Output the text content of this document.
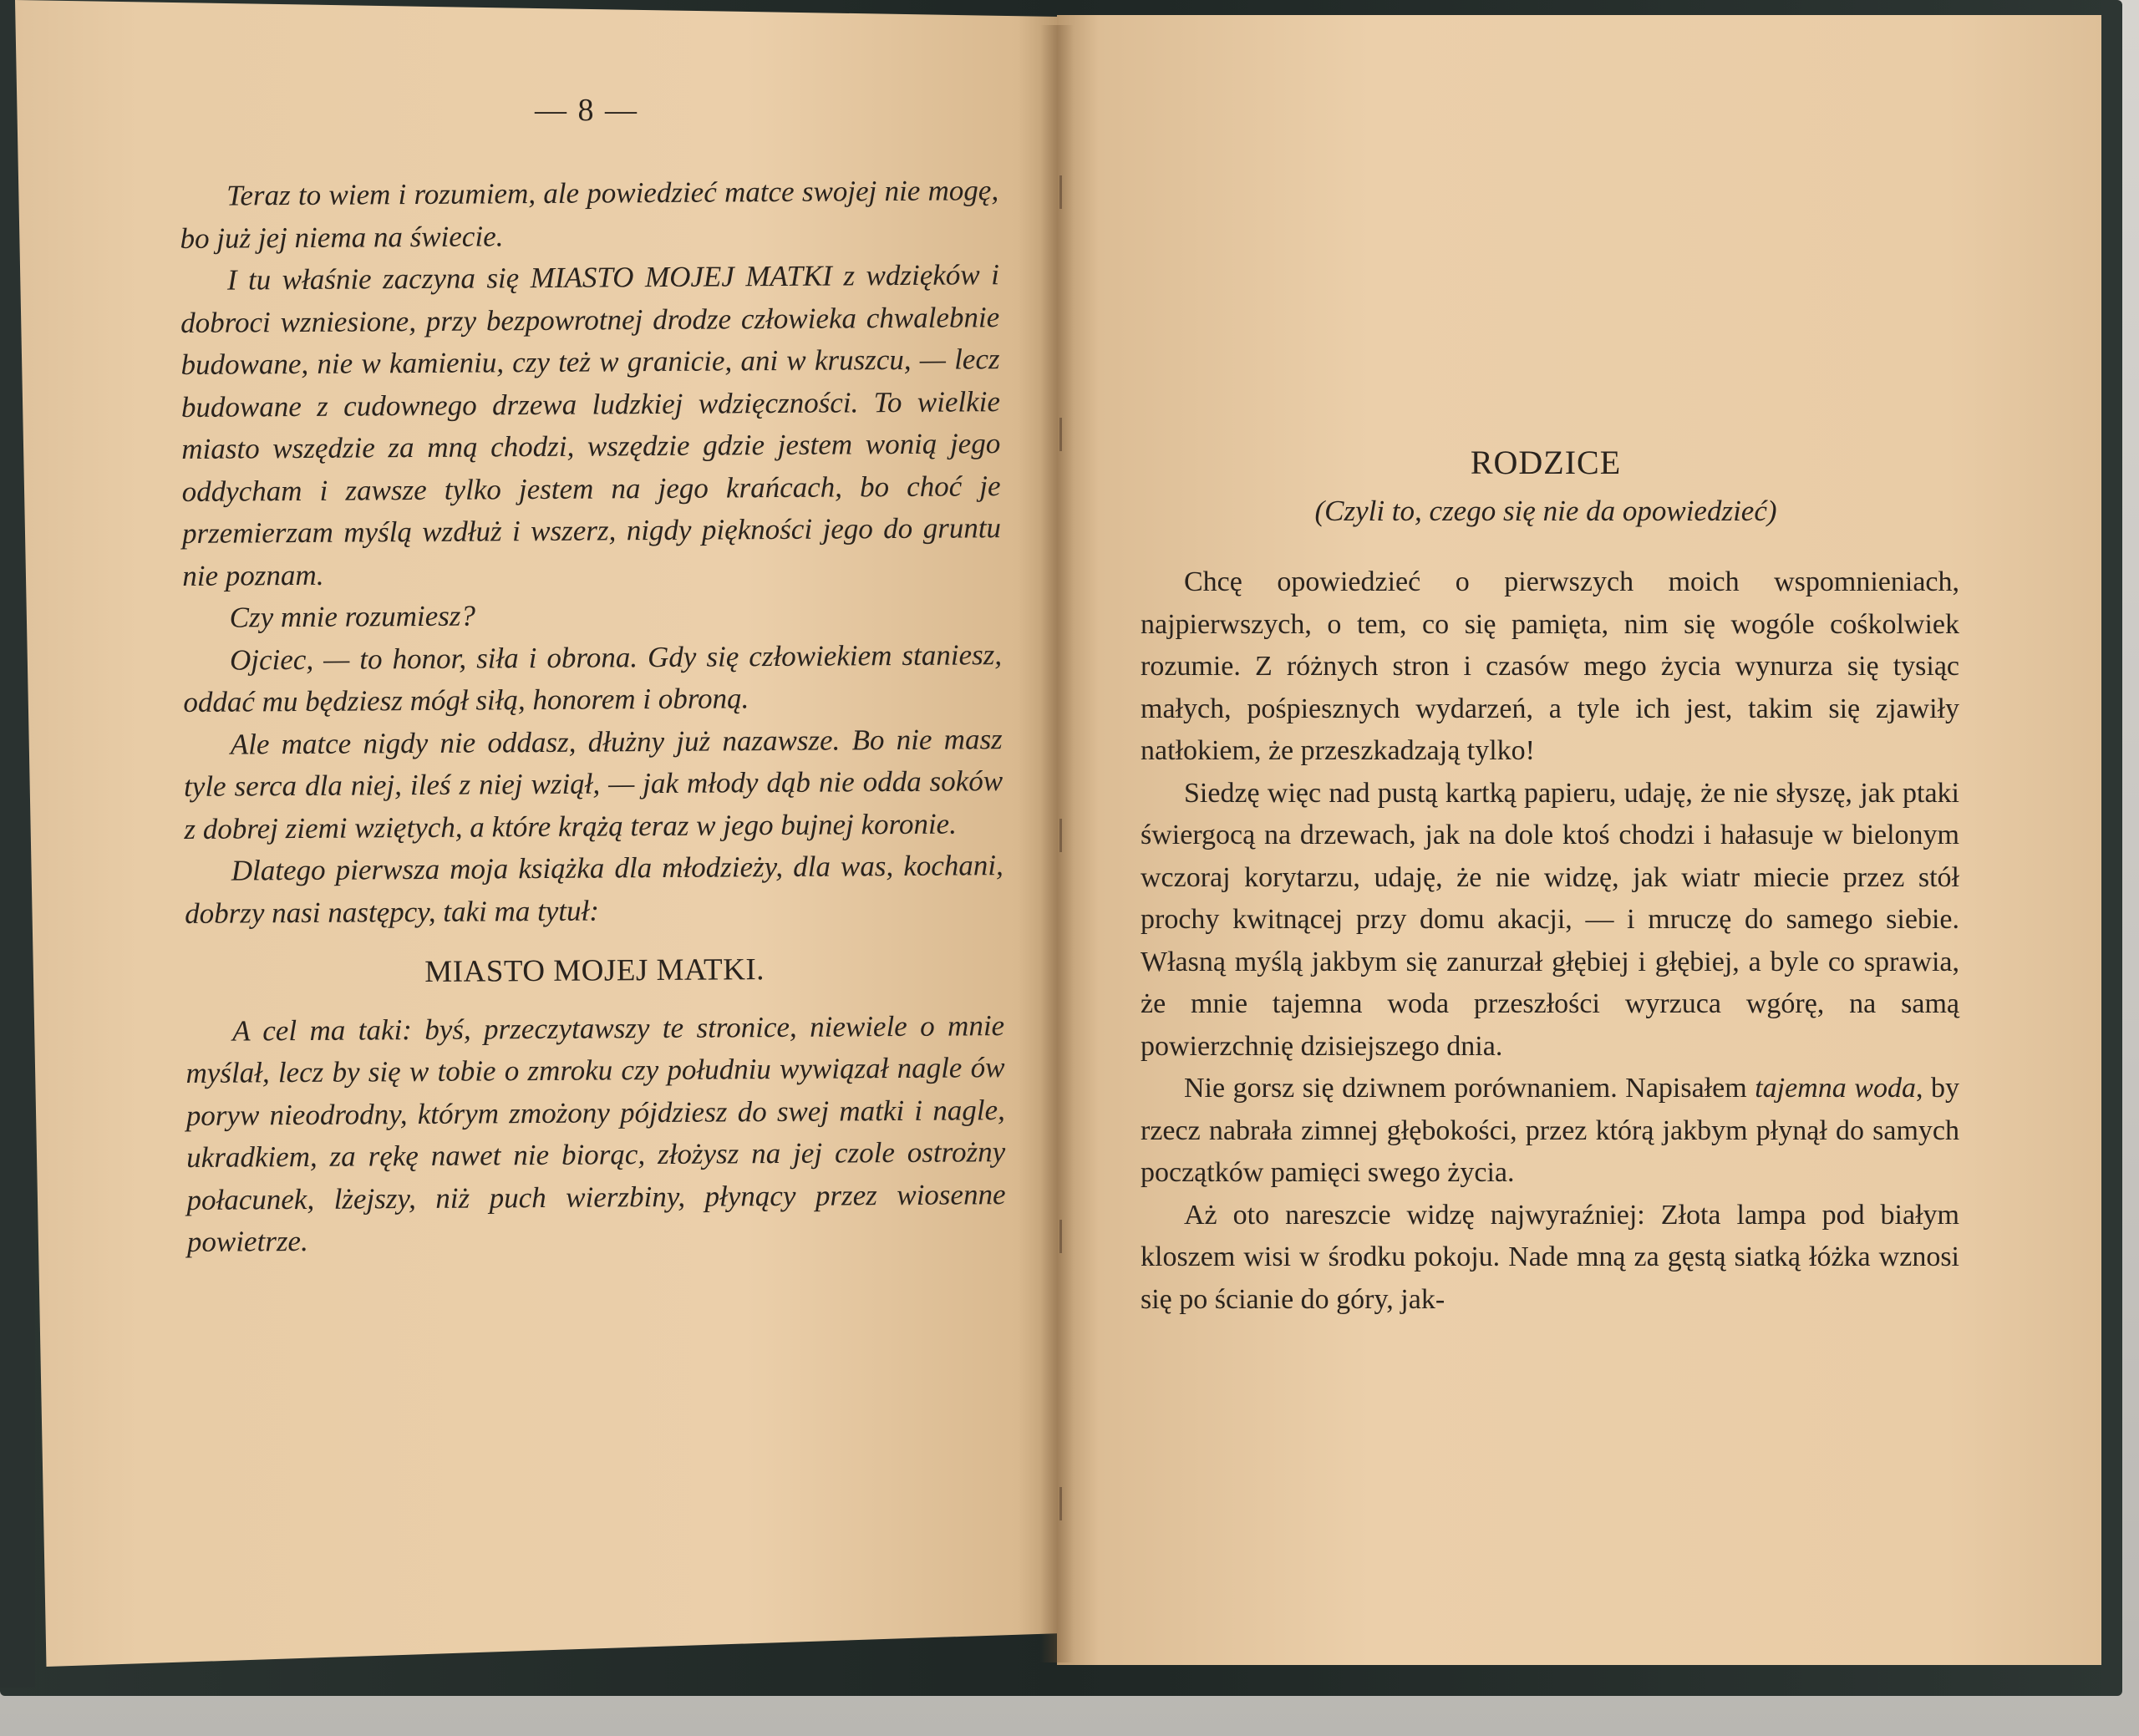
— 8 —

Teraz to wiem i rozumiem, ale powiedzieć matce swojej nie mogę, bo już jej niema na świecie.

I tu właśnie zaczyna się MIASTO MOJEJ MATKI z wdzięków i dobroci wzniesione, przy bezpowrotnej drodze człowieka chwalebnie budowane, nie w kamieniu, czy też w granicie, ani w kruszcu, — lecz budowane z cudownego drzewa ludzkiej wdzięczności. To wielkie miasto wszędzie za mną chodzi, wszędzie gdzie jestem wonią jego oddycham i zawsze tylko jestem na jego krańcach, bo choć je przemierzam myślą wzdłuż i wszerz, nigdy piękności jego do gruntu nie poznam.

Czy mnie rozumiesz?

Ojciec, — to honor, siła i obrona. Gdy się człowiekiem staniesz, oddać mu będziesz mógł siłą, honorem i obroną.

Ale matce nigdy nie oddasz, dłużny już nazawsze. Bo nie masz tyle serca dla niej, ileś z niej wziął, — jak młody dąb nie odda soków z dobrej ziemi wziętych, a które krążą teraz w jego bujnej koronie.

Dlatego pierwsza moja książka dla młodzieży, dla was, kochani, dobrzy nasi następcy, taki ma tytuł:

MIASTO MOJEJ MATKI.

A cel ma taki: byś, przeczytawszy te stronice, niewiele o mnie myślał, lecz by się w tobie o zmroku czy południu wywiązał nagle ów poryw nieodrodny, którym zmożony pójdziesz do swej matki i nagle, ukradkiem, za rękę nawet nie biorąc, złożysz na jej czole ostrożny połacunek, lżejszy, niż puch wierzbiny, płynący przez wiosenne powietrze.

RODZICE
(Czyli to, czego się nie da opowiedzieć)

Chcę opowiedzieć o pierwszych moich wspomnieniach, najpierwszych, o tem, co się pamięta, nim się wogóle cośkolwiek rozumie. Z różnych stron i czasów mego życia wynurza się tysiąc małych, pośpiesznych wydarzeń, a tyle ich jest, takim się zjawiły natłokiem, że przeszkadzają tylko!

Siedzę więc nad pustą kartką papieru, udaję, że nie słyszę, jak ptaki świergocą na drzewach, jak na dole ktoś chodzi i hałasuje w bielonym wczoraj korytarzu, udaję, że nie widzę, jak wiatr miecie przez stół prochy kwitnącej przy domu akacji, — i mruczę do samego siebie. Własną myślą jakbym się zanurzał głębiej i głębiej, a byle co sprawia, że mnie tajemna woda przeszłości wyrzuca wgórę, na samą powierzchnię dzisiejszego dnia.

Nie gorsz się dziwnem porównaniem. Napisałem tajemna woda, by rzecz nabrała zimnej głębokości, przez którą jakbym płynął do samych początków pamięci swego życia.

Aż oto nareszcie widzę najwyraźniej: Złota lampa pod białym kloszem wisi w środku pokoju. Nade mną za gęstą siatką łóżka wznosi się po ścianie do góry, jak-
